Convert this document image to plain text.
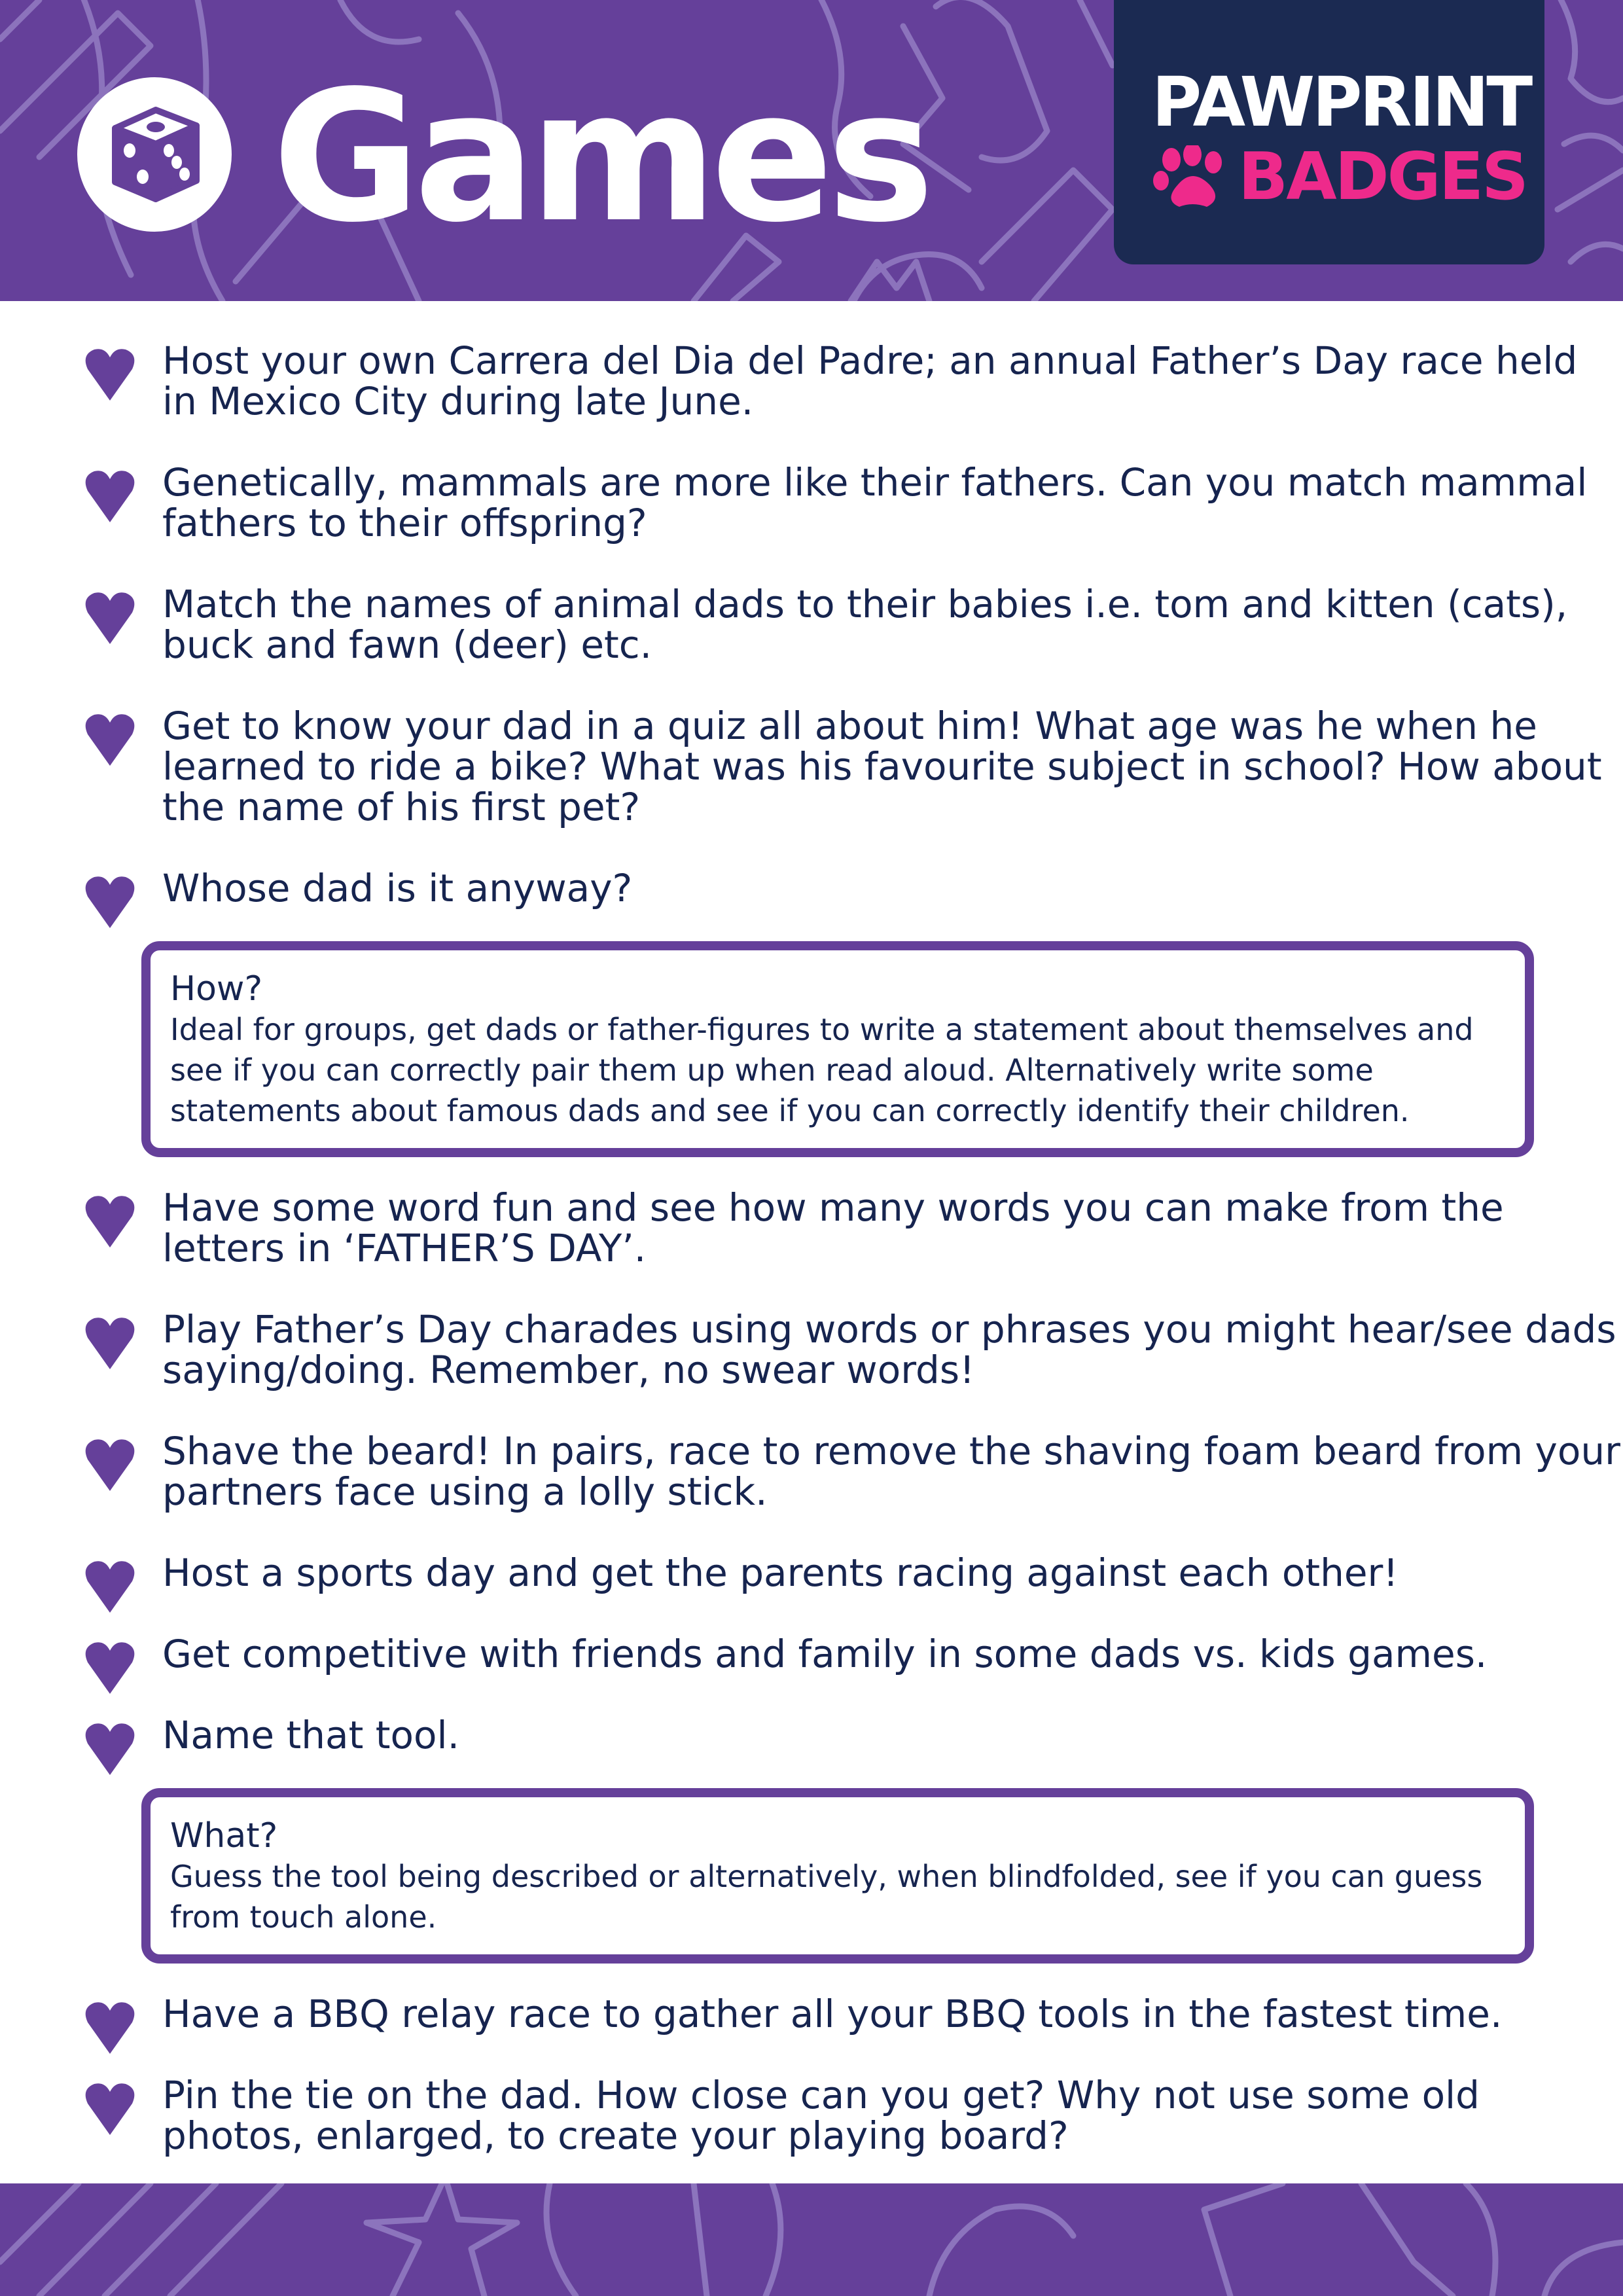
Games	PAWPRINT
BADGES
Host your own Carrera del Dia del Padre; an annual Father’s Day race held in Mexico City during late June.
Genetically, mammals are more like their fathers. Can you match mammal fathers to their offspring?
Match the names of animal dads to their babies i.e. tom and kitten (cats), buck and fawn (deer) etc.
Get to know your dad in a quiz all about him! What age was he when he learned to ride a bike? What was his favourite subject in school? How about the name of his first pet?
Whose dad is it anyway?
How?
Ideal for groups, get dads or father-figures to write a statement about themselves and see if you can correctly pair them up when read aloud. Alternatively write some statements about famous dads and see if you can correctly identify their children.
Have some word fun and see how many words you can make from the letters in ‘FATHER’S DAY’.
Play Father’s Day charades using words or phrases you might hear/see dads saying/doing. Remember, no swear words!
Shave the beard! In pairs, race to remove the shaving foam beard from your partners face using a lolly stick.
Host a sports day and get the parents racing against each other!
Get competitive with friends and family in some dads vs. kids games.
Name that tool.
What?
Guess the tool being described or alternatively, when blindfolded, see if you can guess from touch alone.
Have a BBQ relay race to gather all your BBQ tools in the fastest time.
Pin the tie on the dad. How close can you get? Why not use some old photos, enlarged, to create your playing board?
